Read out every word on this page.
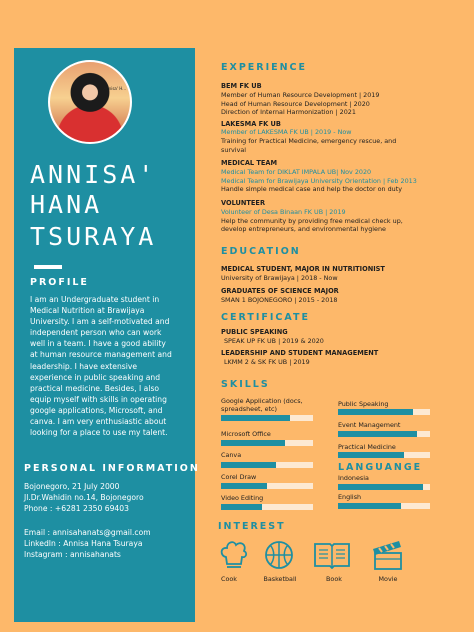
Annisa' H...
ANNISA'
HANA
TSURAYA
PROFILE
I am an Undergraduate student in
Medical Nutrition at Brawijaya
University. I am a self-motivated and
independent person who can work
well in a team. I have a good ability
at human resource management and
leadership. I have extensive
experience in public speaking and
practical medicine. Besides, I also
equip myself with skills in operating
google applications, Microsoft, and
canva. I am very enthusiastic about
looking for a place to use my talent.
PERSONAL INFORMATION
Bojonegoro, 21 July 2000
Jl.Dr.Wahidin no.14, Bojonegoro
Phone : +6281 2350 69403
Email : annisahanats@gmail.com
LinkedIn : Annisa Hana Tsuraya
Instagram : annisahanats
EXPERIENCE
BEM FK UB
Member of Human Resource Development | 2019
Head of Human Resource Development | 2020
Direction of Internal Harmonization | 2021
LAKESMA FK UB
Member of LAKESMA FK UB | 2019 - Now
Training for Practical Medicine, emergency rescue, and
survival
MEDICAL TEAM
Medical Team for DIKLAT IMPALA UB| Nov 2020
Medical Team for Brawijaya University Orientation | Feb 2013
Handle simple medical case and help the doctor on duty
VOLUNTEER
Volunteer of Desa Binaan FK UB | 2019
Help the community by providing free medical check up,
develop entrepreneurs, and environmental hygiene
EDUCATION
MEDICAL STUDENT, MAJOR IN NUTRITIONIST
University of Brawijaya | 2018 - Now
GRADUATES OF SCIENCE MAJOR
SMAN 1 BOJONEGORO | 2015 - 2018
CERTIFICATE
PUBLIC SPEAKING
SPEAK UP FK UB | 2019 & 2020
LEADERSHIP AND STUDENT MANAGEMENT
LKMM 2 & SK FK UB | 2019
SKILLS
Google Application (docs,
spreadsheet, etc)
Microsoft Office
Canva
Corel Draw
Video Editing
Public Speaking
Event Management
Practical Medicine
LANGUANGE
Indonesia
English
INTEREST
Cook	Basketball	Book	Movie
